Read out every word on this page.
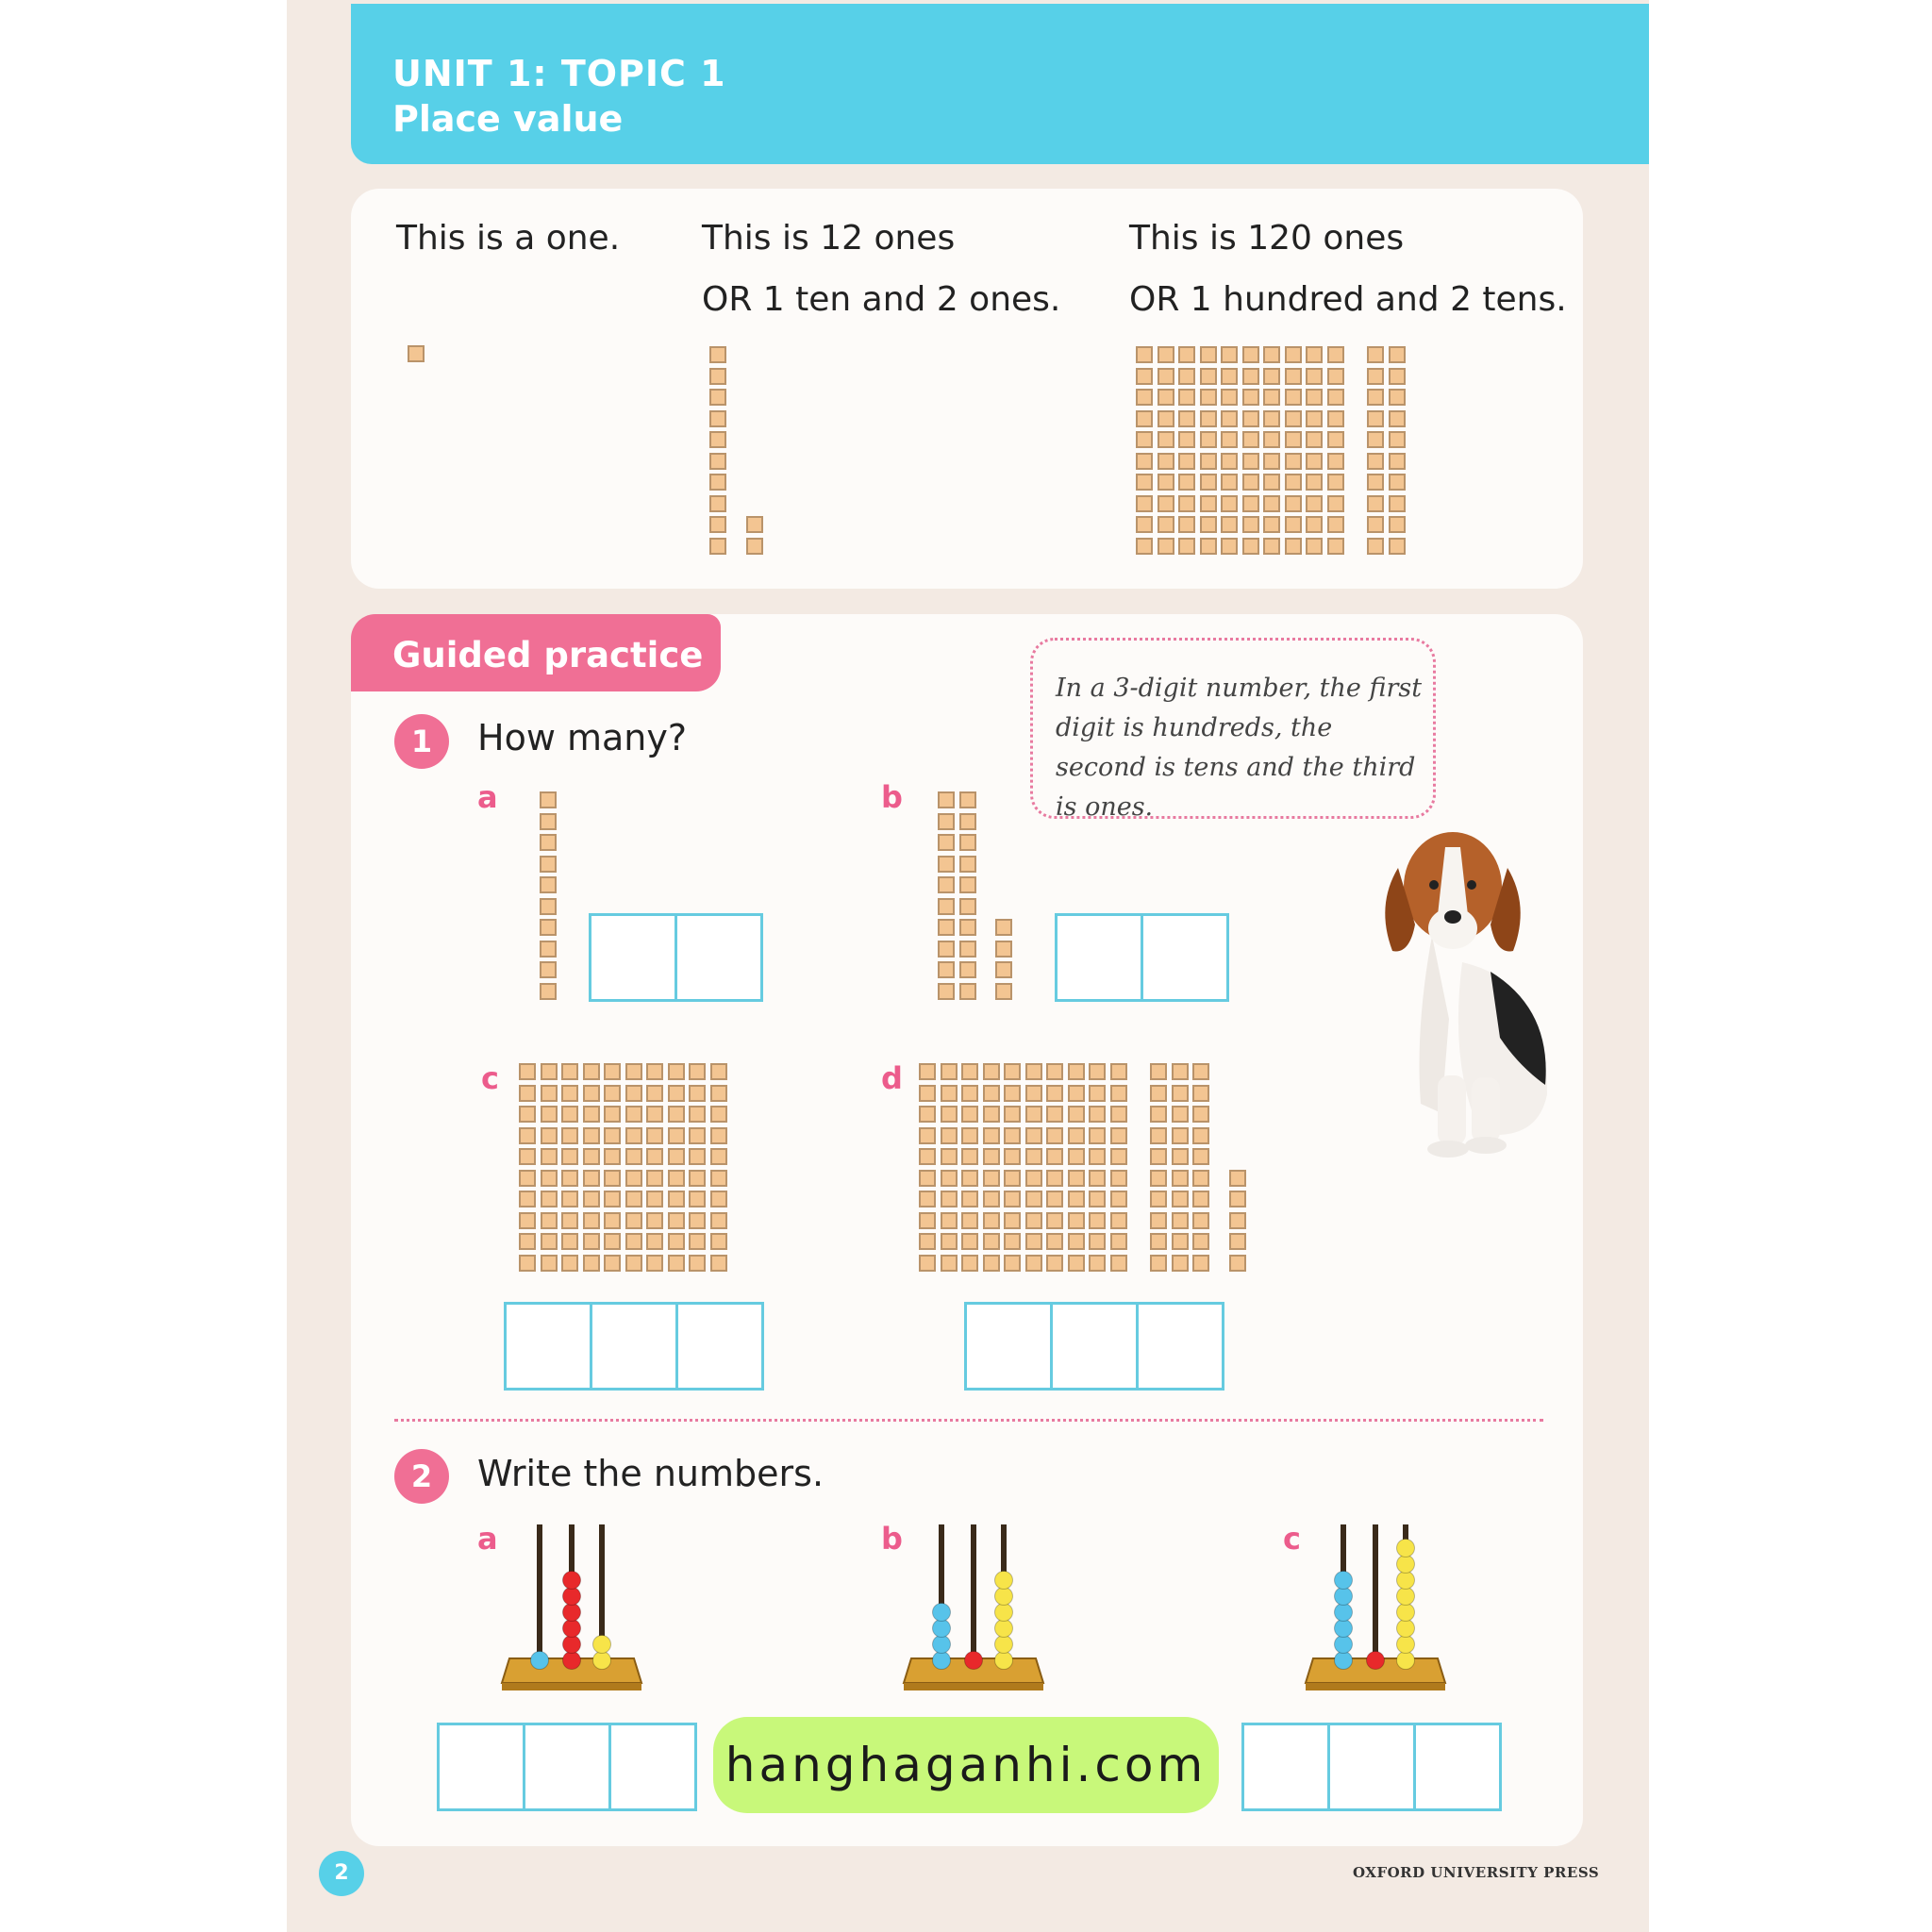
UNIT 1: TOPIC 1
Place value
This is a one. This is 12 ones
OR 1 ten and 2 ones.
This is 120 ones
OR 1 hundred and 2 tens.
Guided practice
In a 3-digit number, the first digit is hundreds, the second is tens and the third is ones.
1	How many?
a	b
c	d
2	Write the numbers.
a	b	c
hanghaganhi.com
2	OXFORD UNIVERSITY PRESS
